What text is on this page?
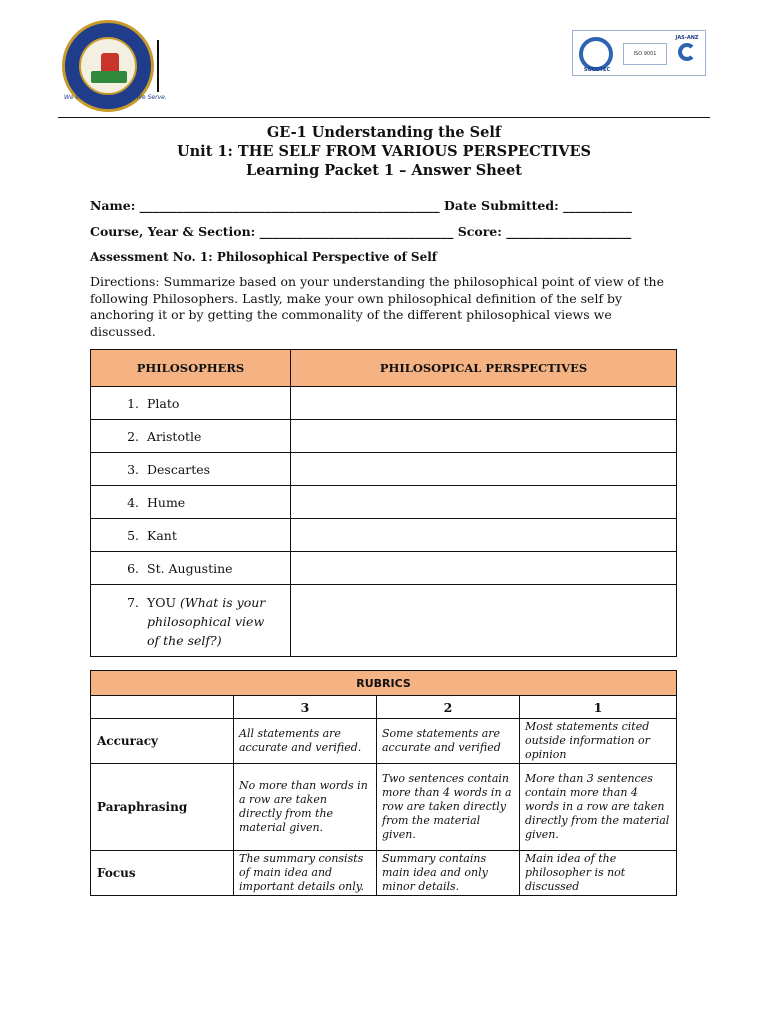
We Innovate. We Build. We Serve.
SOCOTEC
ISO 9001
JAS-ANZ
GE-1 Understanding the Self
Unit 1: THE SELF FROM VARIOUS PERSPECTIVES
Learning Packet 1 – Answer Sheet
Name: ________________________________________________ Date Submitted: ___________
Course, Year & Section: _______________________________ Score: ____________________
Assessment No. 1: Philosophical Perspective of Self
Directions: Summarize based on your understanding the philosophical point of view of the following Philosophers. Lastly, make your own philosophical definition of the self by anchoring it or by getting the commonality of the different philosophical views we discussed.
PHILOSOPHERS	PHILOSOPICAL PERSPECTIVES
1. Plato	
2. Aristotle	
3. Descartes	
4. Hume	
5. Kant	
6. St. Augustine	

7. YOU (What is your philosophical view of the self?)	

RUBRICS			
	3	2	1
Accuracy	All statements are accurate and verified.	Some statements are accurate and verified	Most statements cited outside information or opinion
Paraphrasing	No more than words in a row are taken directly from the material given.	Two sentences contain more than 4 words in a row are taken directly from the material given.	More than 3 sentences contain more than 4 words in a row are taken directly from the material given.
Focus	The summary consists of main idea and important details only.	Summary contains main idea and only minor details.	Main idea of the philosopher is not discussed
